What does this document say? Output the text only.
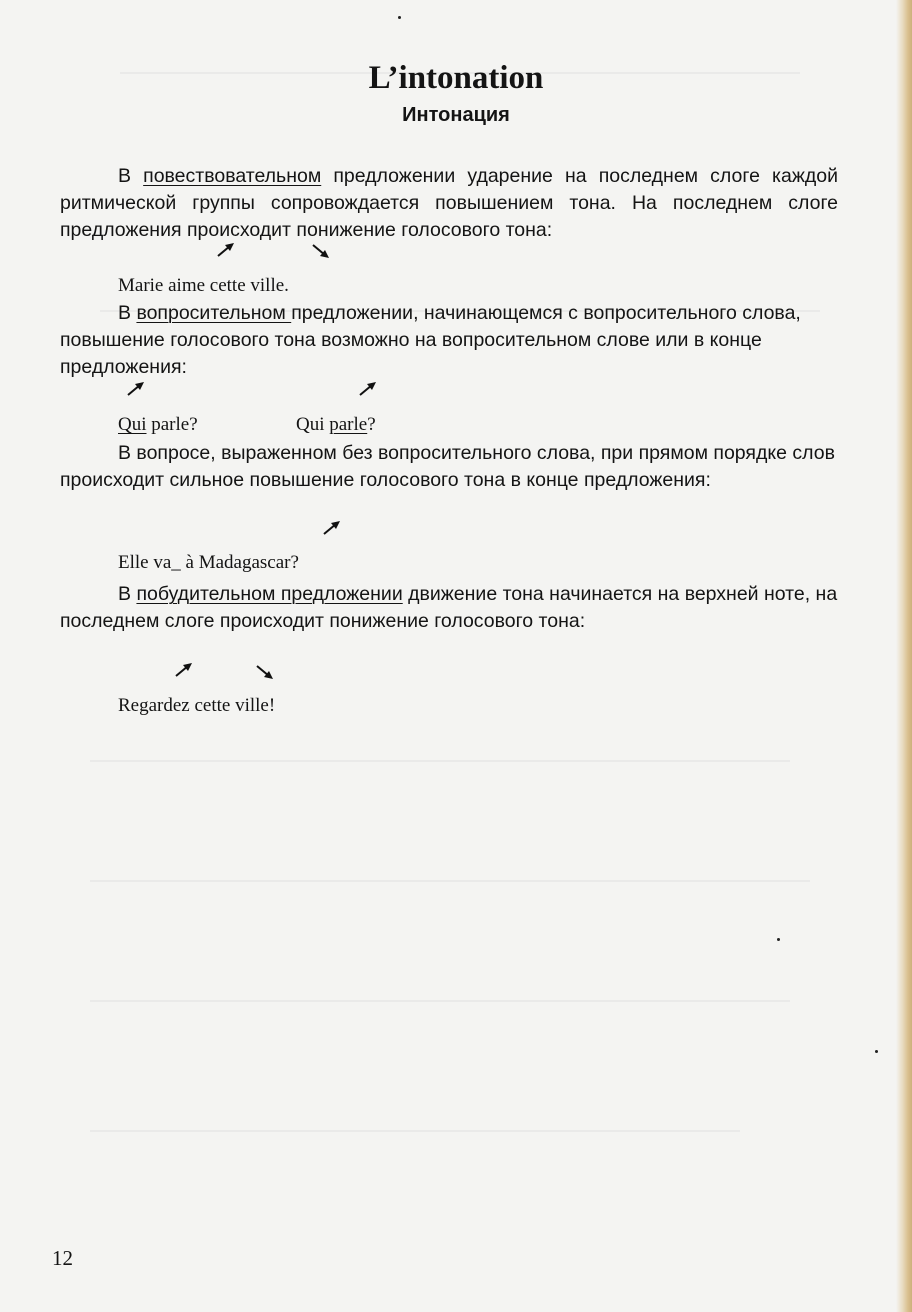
L’intonation
Интонация

В повествовательном предложении ударение на последнем слоге каждой ритмической группы сопровождается повышением тона. На последнем слоге предложения происходит понижение голосового тона:

Marie aime cette ville.

В вопросительном предложении, начинающемся с вопросительного слова, повышение голосового тона возможно на вопросительном слове или в конце предложения:

Qui parle?	Qui parle?

В вопросе, выраженном без вопросительного слова, при прямом порядке слов происходит сильное повышение голосового тона в конце предложения:

Elle va_ à Madagascar?

В побудительном предложении движение тона начинается на верхней ноте, на последнем слоге происходит понижение голосового тона:

Regardez cette ville!

12
